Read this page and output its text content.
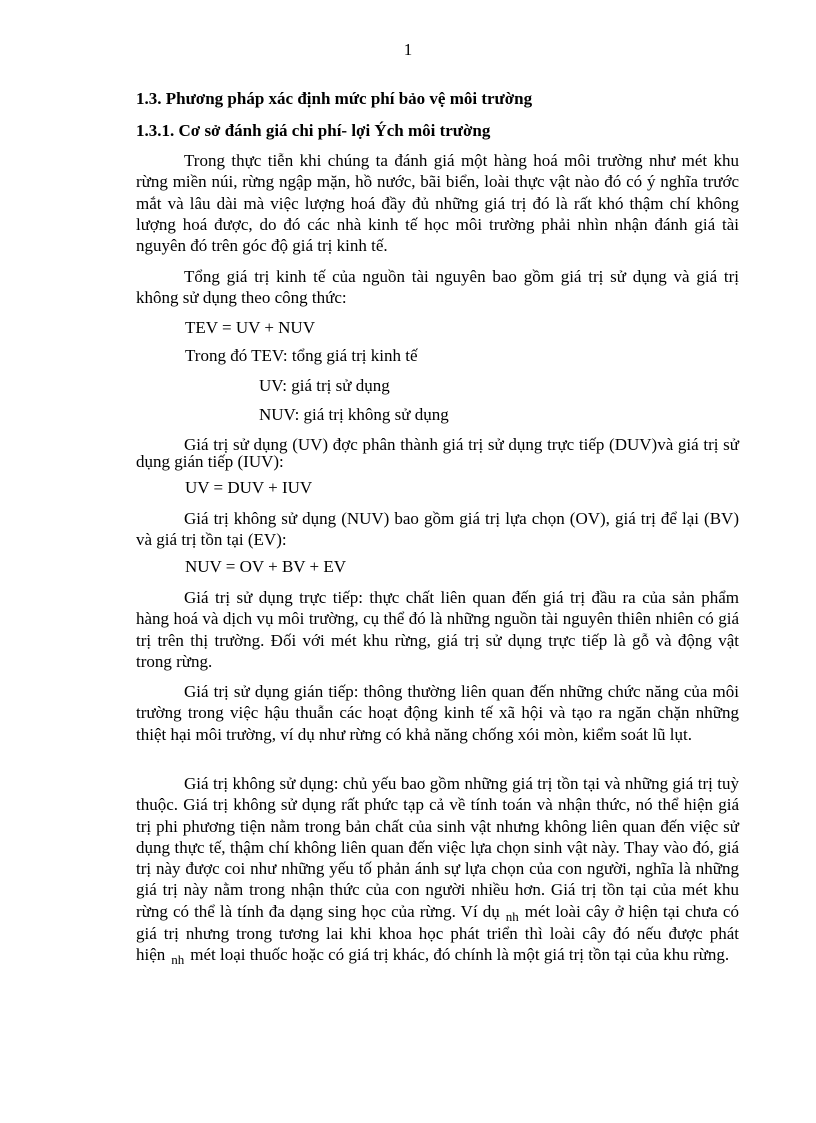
1
1.3. Phương pháp xác định mức phí bảo vệ môi trường
1.3.1. Cơ sở đánh giá chi phí- lợi Ých môi trường
Trong thực tiễn khi chúng ta đánh giá một hàng hoá môi trường như mét khu rừng miền núi, rừng ngập mặn, hồ nước, bãi biển, loài thực vật nào đó có ý nghĩa trước mắt và lâu dài mà việc lượng hoá đầy đủ những giá trị đó là rất khó thậm chí không lượng hoá được, do đó các nhà kinh tế học môi trường phải nhìn nhận đánh giá tài nguyên đó trên góc độ giá trị kinh tế.
Tổng giá trị kinh tế của nguồn tài nguyên bao gồm giá trị sử dụng và giá trị không sử dụng theo công thức:
TEV = UV + NUV
Trong đó TEV: tổng giá trị kinh tế
UV: giá trị sử dụng
NUV: giá trị không sử dụng
Giá trị sử dụng (UV) đợc phân thành giá trị sử dụng trực tiếp (DUV)và giá trị sử dụng gián tiếp (IUV):
UV = DUV + IUV
Giá trị không sử dụng (NUV) bao gồm giá trị lựa chọn (OV), giá trị để lại (BV) và giá trị tồn tại (EV):
NUV = OV + BV + EV
Giá trị sử dụng trực tiếp: thực chất liên quan đến giá trị đầu ra của sản phẩm hàng hoá và dịch vụ môi trường, cụ thể đó là những nguồn tài nguyên thiên nhiên có giá trị trên thị trường. Đối với mét khu rừng, giá trị sử dụng trực tiếp là gỗ và động vật trong rừng.
Giá trị sử dụng gián tiếp: thông thường liên quan đến những chức năng của môi trường trong việc hậu thuẫn các hoạt động kinh tế xã hội và tạo ra ngăn chặn những thiệt hại môi trường, ví dụ như rừng có khả năng chống xói mòn, kiểm soát lũ lụt.
Giá trị không sử dụng: chủ yếu bao gồm những giá trị tồn tại và những giá trị tuỳ thuộc. Giá trị không sử dụng rất phức tạp cả về tính toán và nhận thức, nó thể hiện giá trị phi phương tiện nằm trong bản chất của sinh vật nhưng không liên quan đến việc sử dụng thực tế, thậm chí không liên quan đến việc lựa chọn sinh vật này. Thay vào đó, giá trị này được coi như những yếu tố phản ánh sự lựa chọn của con người, nghĩa là những giá trị này nằm trong nhận thức của con người nhiều hơn. Giá trị tồn tại của mét khu rừng có thể là tính đa dạng sing học của rừng. Ví dụ $_{nh}$ mét loài cây ở hiện tại chưa có giá trị nhưng trong tương lai khi khoa học phát triển thì loài cây đó nếu được phát hiện $_{nh}$ mét loại thuốc hoặc có giá trị khác, đó chính là một giá trị tồn tại của khu rừng.
